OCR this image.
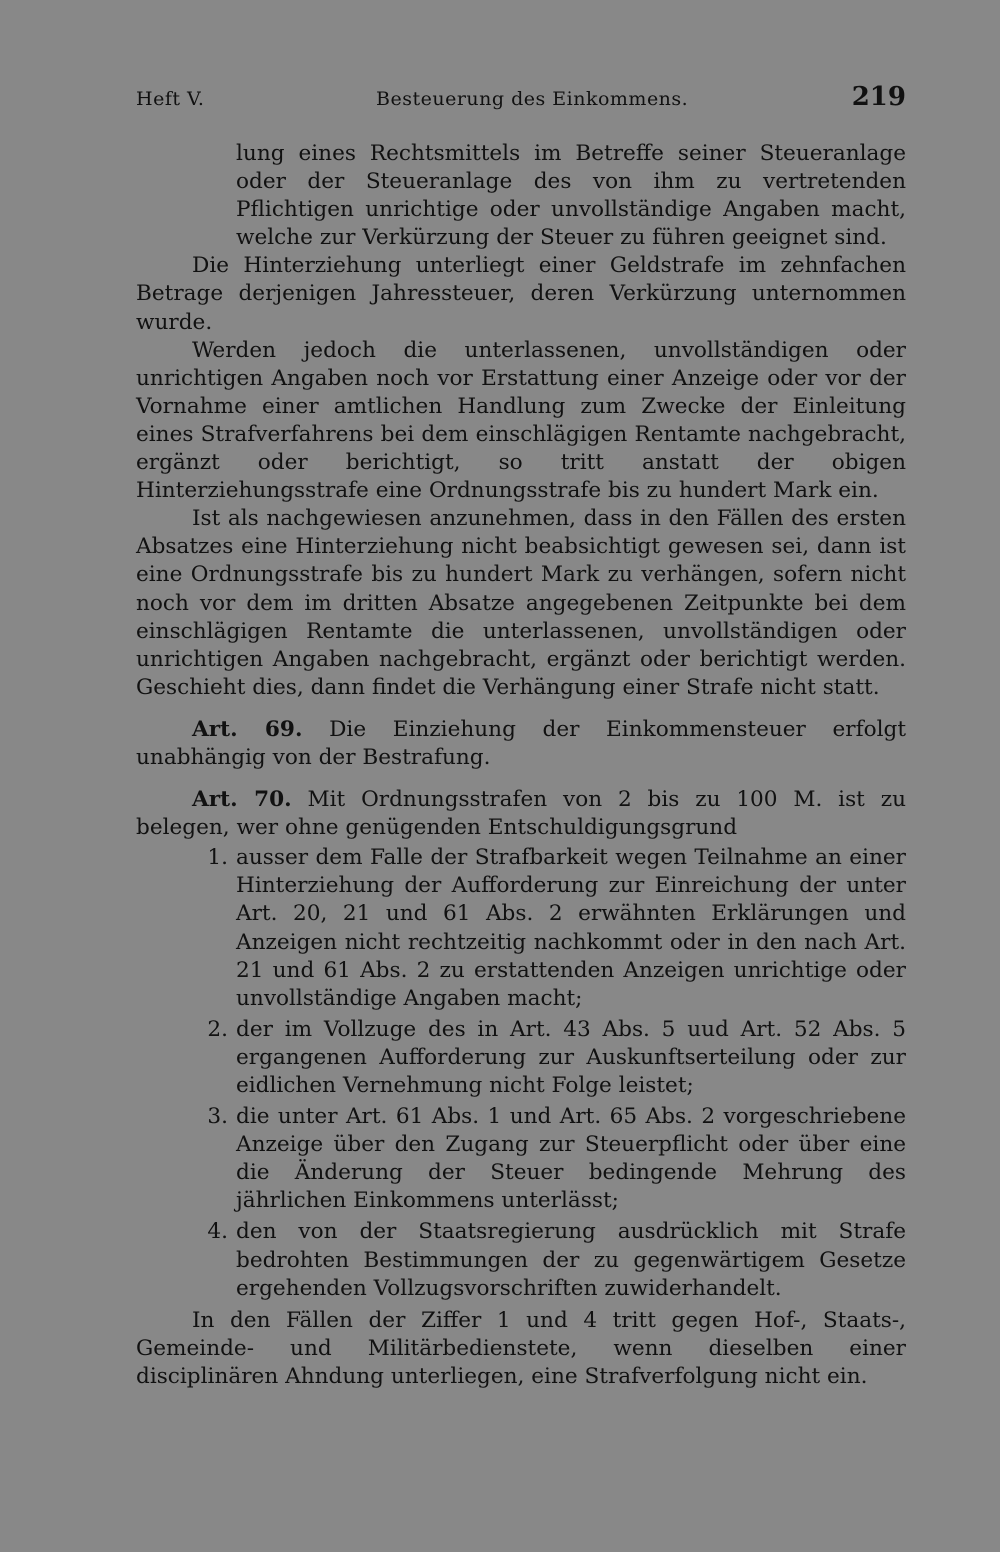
Heft V.	Besteuerung des Einkommens.	219

lung eines Rechtsmittels im Betreffe seiner Steueranlage oder der Steueranlage des von ihm zu vertretenden Pflichtigen unrichtige oder unvollständige Angaben macht, welche zur Verkürzung der Steuer zu führen geeignet sind.

Die Hinterziehung unterliegt einer Geldstrafe im zehnfachen Betrage derjenigen Jahressteuer, deren Verkürzung unternommen wurde.

Werden jedoch die unterlassenen, unvollständigen oder unrichtigen Angaben noch vor Erstattung einer Anzeige oder vor der Vornahme einer amtlichen Handlung zum Zwecke der Einleitung eines Strafverfahrens bei dem einschlägigen Rentamte nachgebracht, ergänzt oder berichtigt, so tritt anstatt der obigen Hinterziehungsstrafe eine Ordnungsstrafe bis zu hundert Mark ein.

Ist als nachgewiesen anzunehmen, dass in den Fällen des ersten Absatzes eine Hinterziehung nicht beabsichtigt gewesen sei, dann ist eine Ordnungsstrafe bis zu hundert Mark zu verhängen, sofern nicht noch vor dem im dritten Absatze angegebenen Zeitpunkte bei dem einschlägigen Rentamte die unterlassenen, unvollständigen oder unrichtigen Angaben nachgebracht, ergänzt oder berichtigt werden. Geschieht dies, dann findet die Verhängung einer Strafe nicht statt.

Art. 69. Die Einziehung der Einkommensteuer erfolgt unabhängig von der Bestrafung.

Art. 70. Mit Ordnungsstrafen von 2 bis zu 100 M. ist zu belegen, wer ohne genügenden Entschuldigungsgrund

1. ausser dem Falle der Strafbarkeit wegen Teilnahme an einer Hinterziehung der Aufforderung zur Einreichung der unter Art. 20, 21 und 61 Abs. 2 erwähnten Erklärungen und Anzeigen nicht rechtzeitig nachkommt oder in den nach Art. 21 und 61 Abs. 2 zu erstattenden Anzeigen unrichtige oder unvollständige Angaben macht;
2. der im Vollzuge des in Art. 43 Abs. 5 uud Art. 52 Abs. 5 ergangenen Aufforderung zur Auskunftserteilung oder zur eidlichen Vernehmung nicht Folge leistet;
3. die unter Art. 61 Abs. 1 und Art. 65 Abs. 2 vorgeschriebene Anzeige über den Zugang zur Steuerpflicht oder über eine die Änderung der Steuer bedingende Mehrung des jährlichen Einkommens unterlässt;
4. den von der Staatsregierung ausdrücklich mit Strafe bedrohten Bestimmungen der zu gegenwärtigem Gesetze ergehenden Vollzugsvorschriften zuwiderhandelt.

In den Fällen der Ziffer 1 und 4 tritt gegen Hof-, Staats-, Gemeinde- und Militärbedienstete, wenn dieselben einer disciplinären Ahndung unterliegen, eine Strafverfolgung nicht ein.
